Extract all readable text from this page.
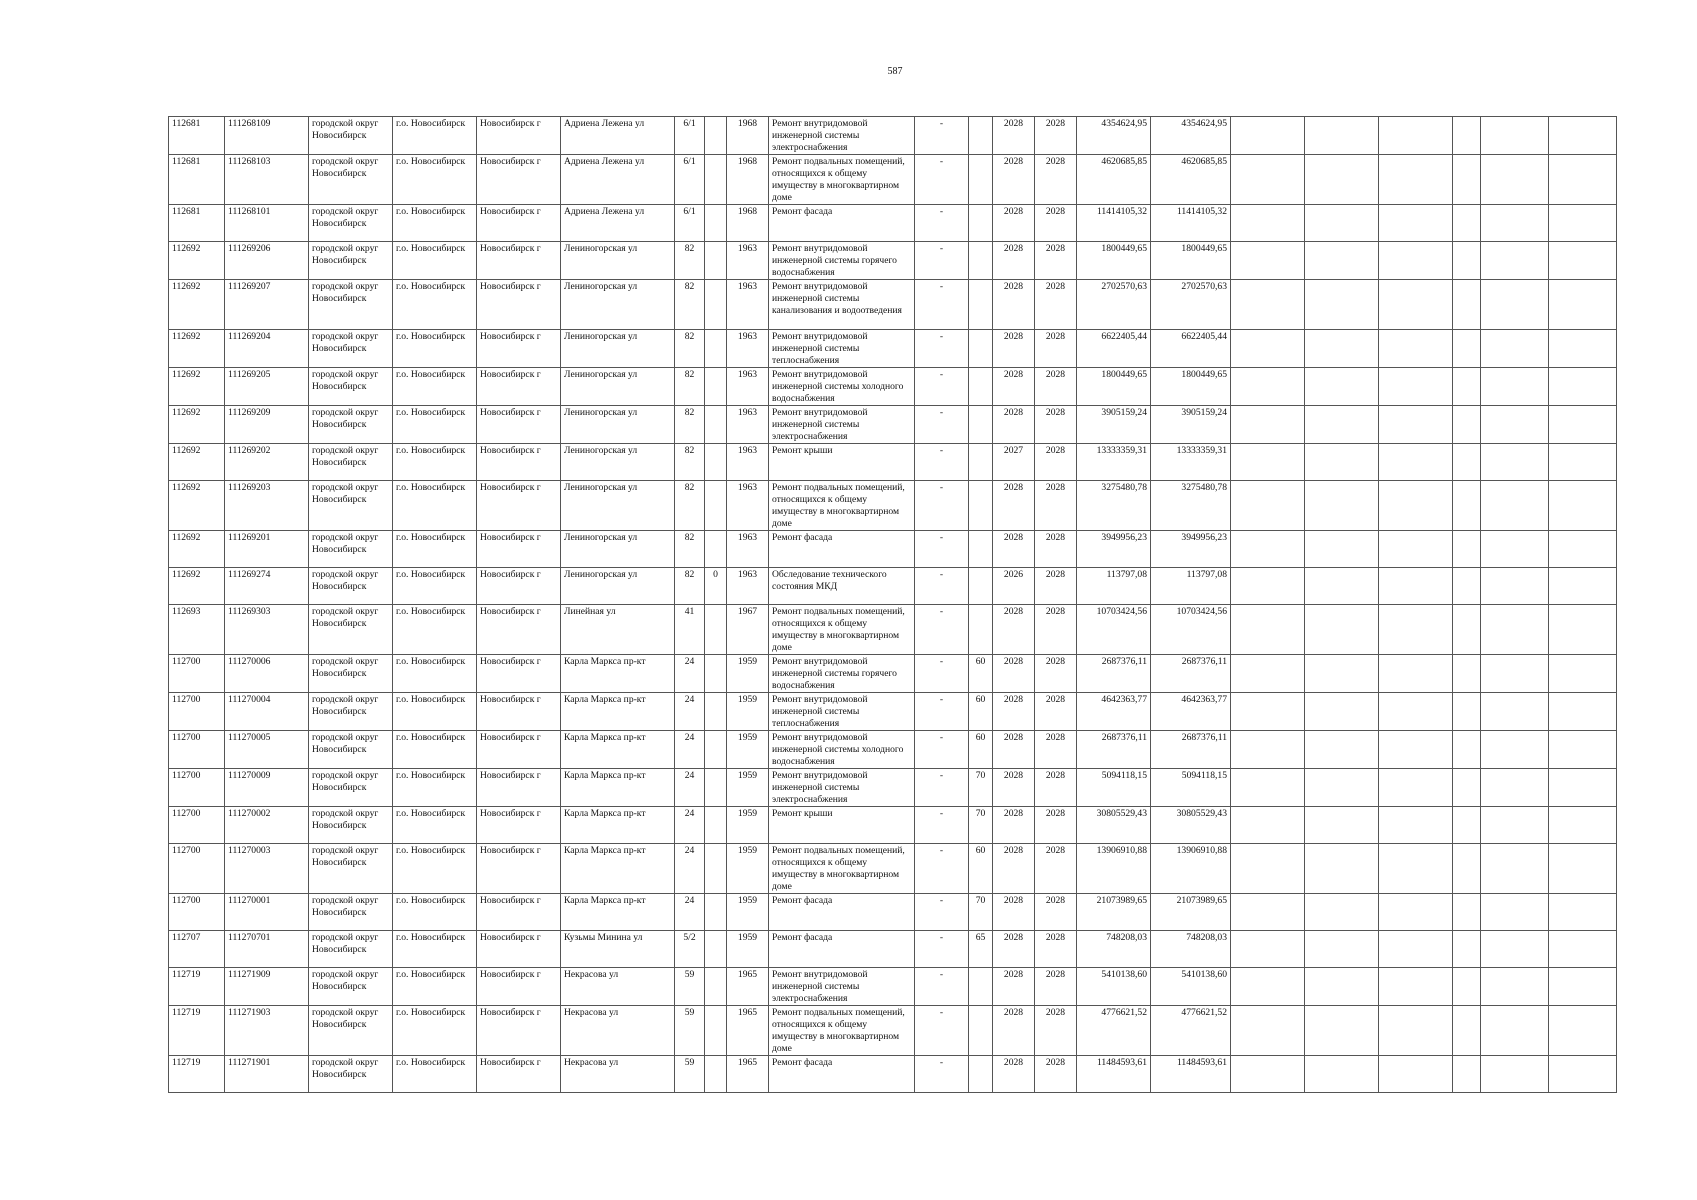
587
112681	111268109	городской округ Новосибирск	г.о. Новосибирск	Новосибирск г	Адриена Лежена ул	6/1		1968	Ремонт внутридомовой инженерной системы электроснабжения	-		2028	2028	4354624,95	4354624,95						
112681	111268103	городской округ Новосибирск	г.о. Новосибирск	Новосибирск г	Адриена Лежена ул	6/1		1968	Ремонт подвальных помещений, относящихся к общему имуществу в многоквартирном доме	-		2028	2028	4620685,85	4620685,85						
112681	111268101	городской округ Новосибирск	г.о. Новосибирск	Новосибирск г	Адриена Лежена ул	6/1		1968	Ремонт фасада	-		2028	2028	11414105,32	11414105,32						
112692	111269206	городской округ Новосибирск	г.о. Новосибирск	Новосибирск г	Лениногорская ул	82		1963	Ремонт внутридомовой инженерной системы горячего водоснабжения	-		2028	2028	1800449,65	1800449,65						
112692	111269207	городской округ Новосибирск	г.о. Новосибирск	Новосибирск г	Лениногорская ул	82		1963	Ремонт внутридомовой инженерной системы канализования и водоотведения	-		2028	2028	2702570,63	2702570,63						
112692	111269204	городской округ Новосибирск	г.о. Новосибирск	Новосибирск г	Лениногорская ул	82		1963	Ремонт внутридомовой инженерной системы теплоснабжения	-		2028	2028	6622405,44	6622405,44						
112692	111269205	городской округ Новосибирск	г.о. Новосибирск	Новосибирск г	Лениногорская ул	82		1963	Ремонт внутридомовой инженерной системы холодного водоснабжения	-		2028	2028	1800449,65	1800449,65						
112692	111269209	городской округ Новосибирск	г.о. Новосибирск	Новосибирск г	Лениногорская ул	82		1963	Ремонт внутридомовой инженерной системы электроснабжения	-		2028	2028	3905159,24	3905159,24						
112692	111269202	городской округ Новосибирск	г.о. Новосибирск	Новосибирск г	Лениногорская ул	82		1963	Ремонт крыши	-		2027	2028	13333359,31	13333359,31						
112692	111269203	городской округ Новосибирск	г.о. Новосибирск	Новосибирск г	Лениногорская ул	82		1963	Ремонт подвальных помещений, относящихся к общему имуществу в многоквартирном доме	-		2028	2028	3275480,78	3275480,78						
112692	111269201	городской округ Новосибирск	г.о. Новосибирск	Новосибирск г	Лениногорская ул	82		1963	Ремонт фасада	-		2028	2028	3949956,23	3949956,23						
112692	111269274	городской округ Новосибирск	г.о. Новосибирск	Новосибирск г	Лениногорская ул	82	0	1963	Обследование технического состояния МКД	-		2026	2028	113797,08	113797,08						
112693	111269303	городской округ Новосибирск	г.о. Новосибирск	Новосибирск г	Линейная ул	41		1967	Ремонт подвальных помещений, относящихся к общему имуществу в многоквартирном доме	-		2028	2028	10703424,56	10703424,56						
112700	111270006	городской округ Новосибирск	г.о. Новосибирск	Новосибирск г	Карла Маркса пр-кт	24		1959	Ремонт внутридомовой инженерной системы горячего водоснабжения	-	60	2028	2028	2687376,11	2687376,11						
112700	111270004	городской округ Новосибирск	г.о. Новосибирск	Новосибирск г	Карла Маркса пр-кт	24		1959	Ремонт внутридомовой инженерной системы теплоснабжения	-	60	2028	2028	4642363,77	4642363,77						
112700	111270005	городской округ Новосибирск	г.о. Новосибирск	Новосибирск г	Карла Маркса пр-кт	24		1959	Ремонт внутридомовой инженерной системы холодного водоснабжения	-	60	2028	2028	2687376,11	2687376,11						
112700	111270009	городской округ Новосибирск	г.о. Новосибирск	Новосибирск г	Карла Маркса пр-кт	24		1959	Ремонт внутридомовой инженерной системы электроснабжения	-	70	2028	2028	5094118,15	5094118,15						
112700	111270002	городской округ Новосибирск	г.о. Новосибирск	Новосибирск г	Карла Маркса пр-кт	24		1959	Ремонт крыши	-	70	2028	2028	30805529,43	30805529,43						
112700	111270003	городской округ Новосибирск	г.о. Новосибирск	Новосибирск г	Карла Маркса пр-кт	24		1959	Ремонт подвальных помещений, относящихся к общему имуществу в многоквартирном доме	-	60	2028	2028	13906910,88	13906910,88						
112700	111270001	городской округ Новосибирск	г.о. Новосибирск	Новосибирск г	Карла Маркса пр-кт	24		1959	Ремонт фасада	-	70	2028	2028	21073989,65	21073989,65						
112707	111270701	городской округ Новосибирск	г.о. Новосибирск	Новосибирск г	Кузьмы Минина ул	5/2		1959	Ремонт фасада	-	65	2028	2028	748208,03	748208,03						
112719	111271909	городской округ Новосибирск	г.о. Новосибирск	Новосибирск г	Некрасова ул	59		1965	Ремонт внутридомовой инженерной системы электроснабжения	-		2028	2028	5410138,60	5410138,60						
112719	111271903	городской округ Новосибирск	г.о. Новосибирск	Новосибирск г	Некрасова ул	59		1965	Ремонт подвальных помещений, относящихся к общему имуществу в многоквартирном доме	-		2028	2028	4776621,52	4776621,52						
112719	111271901	городской округ Новосибирск	г.о. Новосибирск	Новосибирск г	Некрасова ул	59		1965	Ремонт фасада	-		2028	2028	11484593,61	11484593,61						
